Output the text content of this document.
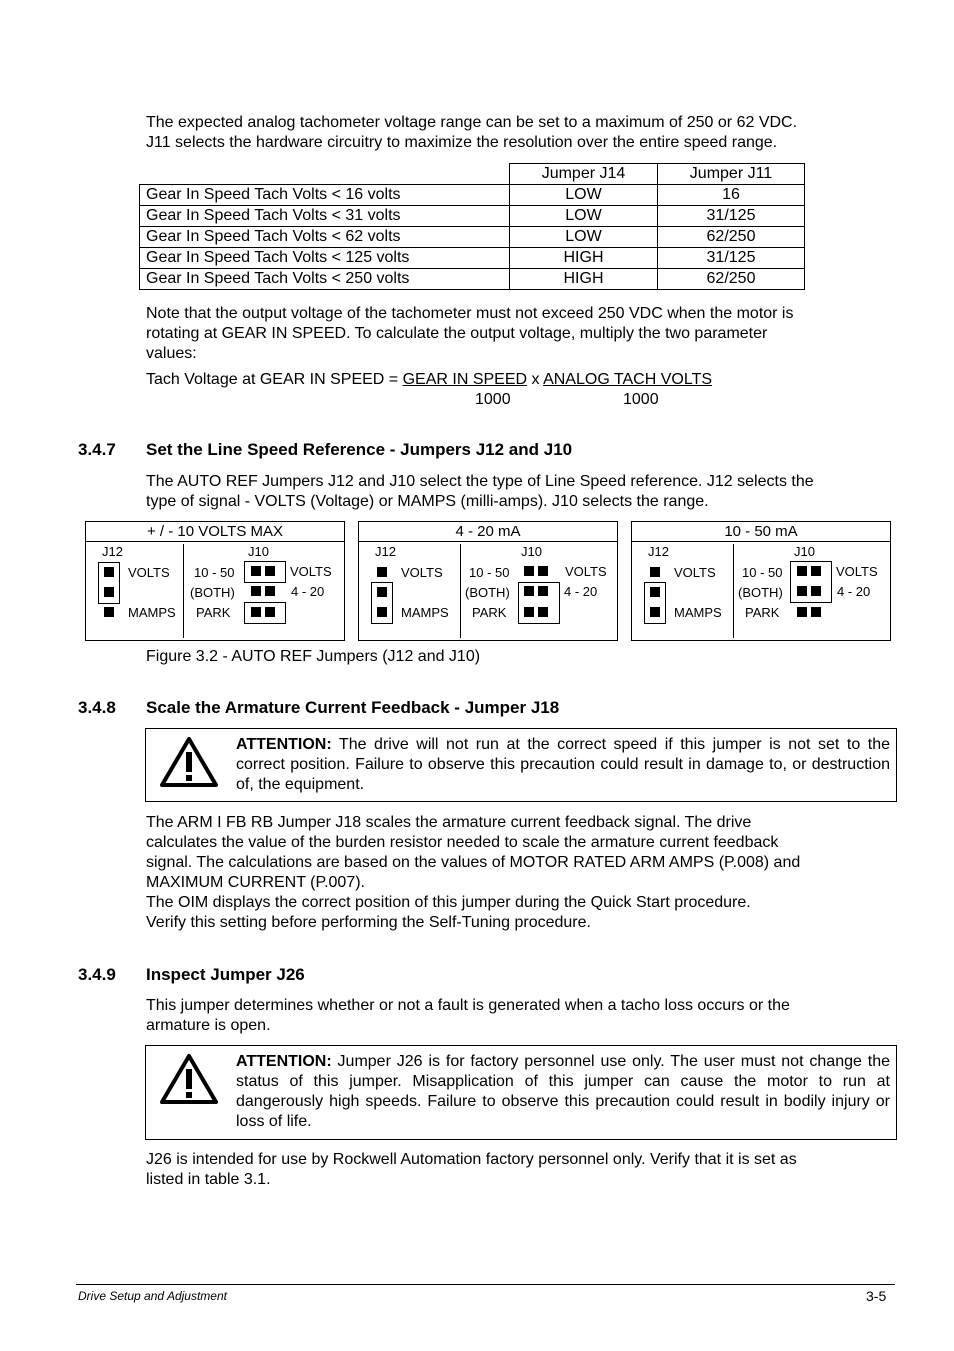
The expected analog tachometer voltage range can be set to a maximum of 250 or 62 VDC.

J11 selects the hardware circuitry to maximize the resolution over the entire speed range.

	Jumper J14	Jumper J11
Gear In Speed Tach Volts < 16 volts	LOW	16
Gear In Speed Tach Volts < 31 volts	LOW	31/125
Gear In Speed Tach Volts < 62 volts	LOW	62/250
Gear In Speed Tach Volts < 125 volts	HIGH	31/125
Gear In Speed Tach Volts < 250 volts	HIGH	62/250

Note that the output voltage of the tachometer must not exceed 250 VDC when the motor is

rotating at GEAR IN SPEED. To calculate the output voltage, multiply the two parameter

values:

Tach Voltage at GEAR IN SPEED = GEAR IN SPEED x ANALOG TACH VOLTS

1000	1000

3.4.7 Set the Line Speed Reference - Jumpers J12 and J10

The AUTO REF Jumpers J12 and J10 select the type of Line Speed reference. J12 selects the

type of signal - VOLTS (Voltage) or MAMPS (milli-amps). J10 selects the range.

+ / - 10 VOLTS MAX
J12	J10
VOLTS
MAMPS
10 - 50
(BOTH)
PARK
VOLTS
4 - 20
4 - 20 mA
J12	J10
VOLTS
MAMPS
10 - 50
(BOTH)
PARK
VOLTS
4 - 20
10 - 50 mA
J12	J10
VOLTS
MAMPS
10 - 50
(BOTH)
PARK
VOLTS
4 - 20

Figure 3.2 - AUTO REF Jumpers (J12 and J10)

3.4.8 Scale the Armature Current Feedback - Jumper J18
ATTENTION: The drive will not run at the correct speed if this jumper is not set to the correct position. Failure to observe this precaution could result in damage to, or destruction of, the equipment.

The ARM I FB RB Jumper J18 scales the armature current feedback signal. The drive

calculates the value of the burden resistor needed to scale the armature current feedback

signal. The calculations are based on the values of MOTOR RATED ARM AMPS (P.008) and

MAXIMUM CURRENT (P.007).

The OIM displays the correct position of this jumper during the Quick Start procedure.

Verify this setting before performing the Self-Tuning procedure.

3.4.9 Inspect Jumper J26

This jumper determines whether or not a fault is generated when a tacho loss occurs or the

armature is open.

ATTENTION: Jumper J26 is for factory personnel use only. The user must not change the status of this jumper. Misapplication of this jumper can cause the motor to run at dangerously high speeds. Failure to observe this precaution could result in bodily injury or loss of life.

J26 is intended for use by Rockwell Automation factory personnel only. Verify that it is set as

listed in table 3.1.

Drive Setup and Adjustment	3-5
